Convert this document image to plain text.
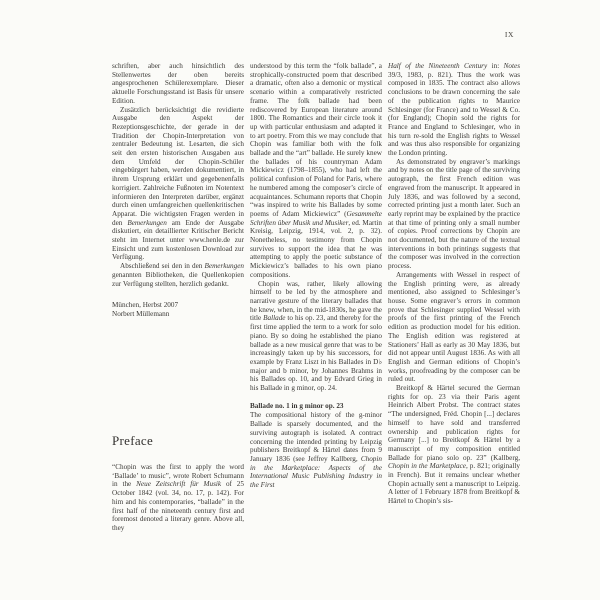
IX
schriften, aber auch hinsichtlich des Stellenwertes der oben bereits angesprochenen Schülerexemplare. Dieser aktuelle Forschungsstand ist Basis für unsere Edition.
Zusätzlich berücksichtigt die revidierte Ausgabe den Aspekt der Rezeptionsgeschichte, der gerade in der Tradition der Chopin-Interpretation von zentraler Bedeutung ist. Lesarten, die sich seit den ersten historischen Ausgaben aus dem Umfeld der Chopin-Schüler eingebürgert haben, werden dokumentiert, in ihrem Ursprung erklärt und gegebenenfalls korrigiert. Zahlreiche Fußnoten im Notentext informieren den Interpreten darüber, ergänzt durch einen umfangreichen quellenkritischen Apparat. Die wichtigsten Fragen werden in den Bemerkungen am Ende der Ausgabe diskutiert, ein detaillierter Kritischer Bericht steht im Internet unter www.henle.de zur Einsicht und zum kostenlosen Download zur Verfügung.
Abschließend sei den in den Bemerkungen genannten Bibliotheken, die Quellenkopien zur Verfügung stellten, herzlich gedankt.
München, Herbst 2007
Norbert Müllemann
Preface
“Chopin was the first to apply the word ‘Ballade’ to music”, wrote Robert Schumann in the Neue Zeitschrift für Musik of 25 October 1842 (vol. 34, no. 17, p. 142). For him and his contemporaries, “ballade” in the first half of the nineteenth century first and foremost denoted a literary genre. Above all, they
understood by this term the “folk ballade”, a strophically-constructed poem that described a dramatic, often also a demonic or mystical scenario within a comparatively restricted frame. The folk ballade had been rediscovered by European literature around 1800. The Romantics and their circle took it up with particular enthusiasm and adapted it to art poetry. From this we may conclude that Chopin was familiar both with the folk ballade and the “art” ballade. He surely knew the ballades of his countryman Adam Mickiewicz (1798–1855), who had left the political confusion of Poland for Paris, where he numbered among the composer’s circle of acquaintances. Schumann reports that Chopin “was inspired to write his Ballades by some poems of Adam Mickiewicz” (Gesammelte Schriften über Musik und Musiker, ed. Martin Kreisig, Leipzig, 1914, vol. 2, p. 32). Nonetheless, no testimony from Chopin survives to support the idea that he was attempting to apply the poetic substance of Mickiewicz’s ballades to his own piano compositions.
Chopin was, rather, likely allowing himself to be led by the atmosphere and narrative gesture of the literary ballades that he knew, when, in the mid-1830s, he gave the title Ballade to his op. 23, and thereby for the first time applied the term to a work for solo piano. By so doing he established the piano ballade as a new musical genre that was to be increasingly taken up by his successors, for example by Franz Liszt in his Ballades in D♭ major and b minor, by Johannes Brahms in his Ballades op. 10, and by Edvard Grieg in his Ballade in g minor, op. 24.
Ballade no. 1 in g minor op. 23
The compositional history of the g-minor Ballade is sparsely documented, and the surviving autograph is isolated. A contract concerning the intended printing by Leipzig publishers Breitkopf & Härtel dates from 9 January 1836 (see Jeffrey Kallberg, Chopin in the Marketplace: Aspects of the International Music Publishing Industry in the First
Half of the Nineteenth Century in: Notes 39/3, 1983, p. 821). Thus the work was composed in 1835. The contract also allows conclusions to be drawn concerning the sale of the publication rights to Maurice Schlesinger (for France) and to Wessel & Co. (for England); Chopin sold the rights for France and England to Schlesinger, who in his turn re-sold the English rights to Wessel and was thus also responsible for organizing the London printing.
As demonstrated by engraver’s markings and by notes on the title page of the surviving autograph, the first French edition was engraved from the manuscript. It appeared in July 1836, and was followed by a second, corrected printing just a month later. Such an early reprint may be explained by the practice at that time of printing only a small number of copies. Proof corrections by Chopin are not documented, but the nature of the textual interventions in both printings suggests that the composer was involved in the correction process.
Arrangements with Wessel in respect of the English printing were, as already mentioned, also assigned to Schlesinger’s house. Some engraver’s errors in common prove that Schlesinger supplied Wessel with proofs of the first printing of the French edition as production model for his edition. The English edition was registered at Stationers’ Hall as early as 30 May 1836, but did not appear until August 1836. As with all English and German editions of Chopin’s works, proofreading by the composer can be ruled out.
Breitkopf & Härtel secured the German rights for op. 23 via their Paris agent Heinrich Albert Probst. The contract states “The undersigned, Fréd. Chopin [...] declares himself to have sold and transferred ownership and publication rights for Germany [...] to Breitkopf & Härtel by a manuscript of my composition entitled Ballade for piano solo op. 23” (Kallberg, Chopin in the Marketplace, p. 821; originally in French). But it remains unclear whether Chopin actually sent a manuscript to Leipzig. A letter of 1 February 1878 from Breitkopf & Härtel to Chopin’s sis-
